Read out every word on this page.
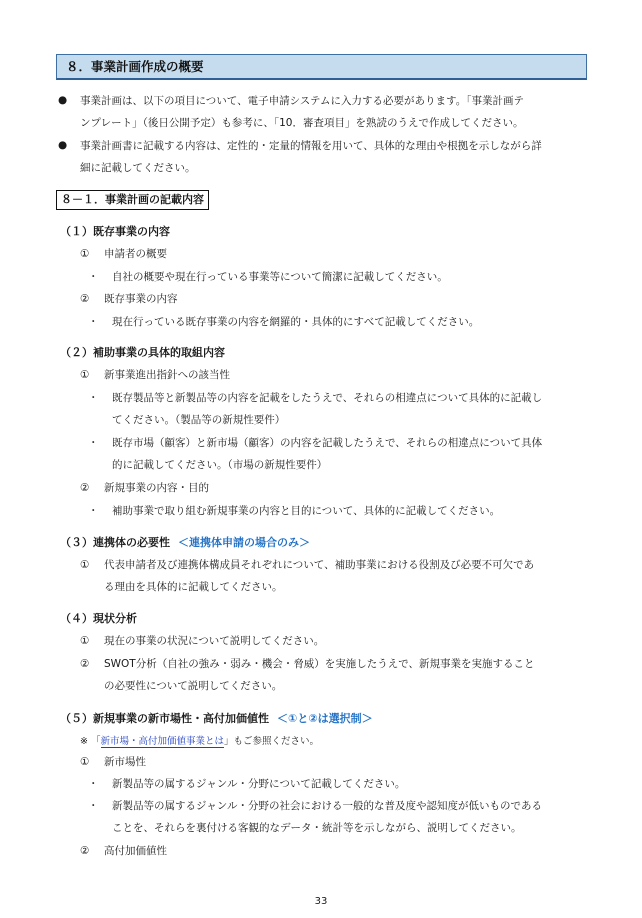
８．事業計画作成の概要
● 事業計画は、以下の項目について、電子申請システムに入力する必要があります。「事業計画テ
ンプレート」（後日公開予定）も参考に、「10．審査項目」を熟読のうえで作成してください。
● 事業計画書に記載する内容は、定性的・定量的情報を用いて、具体的な理由や根拠を示しながら詳
細に記載してください。
８－１．事業計画の記載内容
（１）既存事業の内容
① 申請者の概要
・ 自社の概要や現在行っている事業等について簡潔に記載してください。
② 既存事業の内容
・ 現在行っている既存事業の内容を網羅的・具体的にすべて記載してください。
（２）補助事業の具体的取組内容
① 新事業進出指針への該当性
・ 既存製品等と新製品等の内容を記載をしたうえで、それらの相違点について具体的に記載し
てください。（製品等の新規性要件）
・ 既存市場（顧客）と新市場（顧客）の内容を記載したうえで、それらの相違点について具体
的に記載してください。（市場の新規性要件）
② 新規事業の内容・目的
・ 補助事業で取り組む新規事業の内容と目的について、具体的に記載してください。
（３）連携体の必要性 ＜連携体申請の場合のみ＞
① 代表申請者及び連携体構成員それぞれについて、補助事業における役割及び必要不可欠であ
る理由を具体的に記載してください。
（４）現状分析
① 現在の事業の状況について説明してください。
② SWOT分析（自社の強み・弱み・機会・脅威）を実施したうえで、新規事業を実施すること
の必要性について説明してください。
（５）新規事業の新市場性・高付加価値性 ＜①と②は選択制＞
※ 「新市場・高付加価値事業とは」もご参照ください。
① 新市場性
・ 新製品等の属するジャンル・分野について記載してください。
・ 新製品等の属するジャンル・分野の社会における一般的な普及度や認知度が低いものである
ことを、それらを裏付ける客観的なデータ・統計等を示しながら、説明してください。
② 高付加価値性
33
